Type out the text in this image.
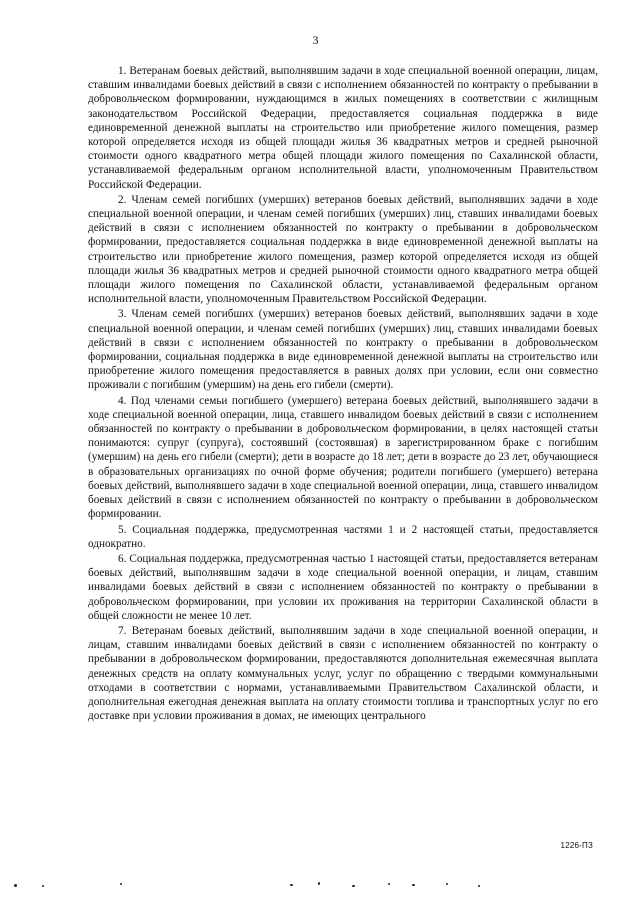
3

1. Ветеранам боевых действий, выполнявшим задачи в ходе специальной военной операции, лицам, ставшим инвалидами боевых действий в связи с исполнением обязанностей по контракту о пребывании в добровольческом формировании, нуждающимся в жилых помещениях в соответствии с жилищным законодательством Российской Федерации, предоставляется социальная поддержка в виде единовременной денежной выплаты на строительство или приобретение жилого помещения, размер которой определяется исходя из общей площади жилья 36 квадратных метров и средней рыночной стоимости одного квадратного метра общей площади жилого помещения по Сахалинской области, устанавливаемой федеральным органом исполнительной власти, уполномоченным Правительством Российской Федерации.

2. Членам семей погибших (умерших) ветеранов боевых действий, выполнявших задачи в ходе специальной военной операции, и членам семей погибших (умерших) лиц, ставших инвалидами боевых действий в связи с исполнением обязанностей по контракту о пребывании в добровольческом формировании, предоставляется социальная поддержка в виде единовременной денежной выплаты на строительство или приобретение жилого помещения, размер которой определяется исходя из общей площади жилья 36 квадратных метров и средней рыночной стоимости одного квадратного метра общей площади жилого помещения по Сахалинской области, устанавливаемой федеральным органом исполнительной власти, уполномоченным Правительством Российской Федерации.

3. Членам семей погибших (умерших) ветеранов боевых действий, выполнявших задачи в ходе специальной военной операции, и членам семей погибших (умерших) лиц, ставших инвалидами боевых действий в связи с исполнением обязанностей по контракту о пребывании в добровольческом формировании, социальная поддержка в виде единовременной денежной выплаты на строительство или приобретение жилого помещения предоставляется в равных долях при условии, если они совместно проживали с погибшим (умершим) на день его гибели (смерти).

4. Под членами семьи погибшего (умершего) ветерана боевых действий, выполнявшего задачи в ходе специальной военной операции, лица, ставшего инвалидом боевых действий в связи с исполнением обязанностей по контракту о пребывании в добровольческом формировании, в целях настоящей статьи понимаются: супруг (супруга), состоявший (состоявшая) в зарегистрированном браке с погибшим (умершим) на день его гибели (смерти); дети в возрасте до 18 лет; дети в возрасте до 23 лет, обучающиеся в образовательных организациях по очной форме обучения; родители погибшего (умершего) ветерана боевых действий, выполнявшего задачи в ходе специальной военной операции, лица, ставшего инвалидом боевых действий в связи с исполнением обязанностей по контракту о пребывании в добровольческом формировании.

5. Социальная поддержка, предусмотренная частями 1 и 2 настоящей статьи, предоставляется однократно.

6. Социальная поддержка, предусмотренная частью 1 настоящей статьи, предоставляется ветеранам боевых действий, выполнявшим задачи в ходе специальной военной операции, и лицам, ставшим инвалидами боевых действий в связи с исполнением обязанностей по контракту о пребывании в добровольческом формировании, при условии их проживания на территории Сахалинской области в общей сложности не менее 10 лет.

7. Ветеранам боевых действий, выполнявшим задачи в ходе специальной военной операции, и лицам, ставшим инвалидами боевых действий в связи с исполнением обязанностей по контракту о пребывании в добровольческом формировании, предоставляются дополнительная ежемесячная выплата денежных средств на оплату коммунальных услуг, услуг по обращению с твердыми коммунальными отходами в соответствии с нормами, устанавливаемыми Правительством Сахалинской области, и дополнительная ежегодная денежная выплата на оплату стоимости топлива и транспортных услуг по его доставке при условии проживания в домах, не имеющих центрального

1226-ПЗ
